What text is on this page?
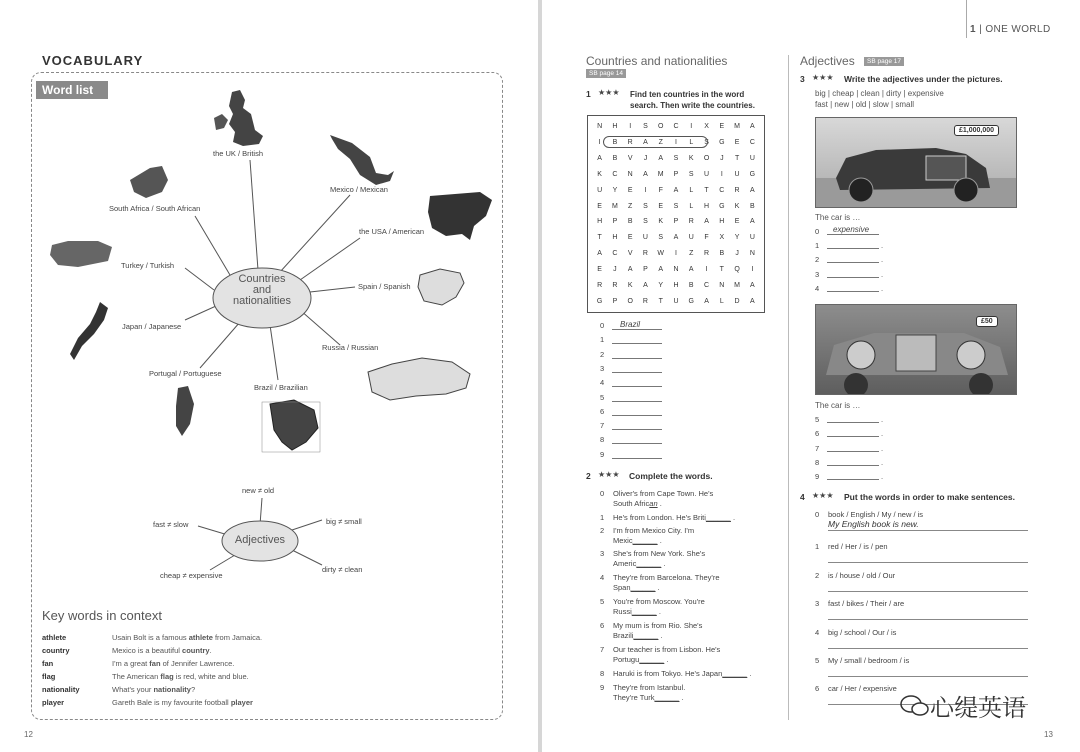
VOCABULARY
Word list
Countries
and
nationalities
the UK / British
Mexico / Mexican
the USA / American
Spain / Spanish
Russia / Russian
Brazil / Brazilian
Portugal / Portuguese
Japan / Japanese
Turkey / Turkish
South Africa / South African
Adjectives
new ≠ old
big ≠ small
dirty ≠ clean
cheap ≠ expensive
fast ≠ slow
Key words in context
athlete	Usain Bolt is a famous athlete from Jamaica.
country	Mexico is a beautiful country.
fan	I'm a great fan of Jennifer Lawrence.
flag	The American flag is red, white and blue.
nationality	What's your nationality?
player	Gareth Bale is my favourite football player
12
1 | ONE WORLD
Countries and nationalities
SB page 14
1 ★★★	Find ten countries in the word search. Then write the countries.
N	H	I	S	O	C	I	X	E	M	A
I	B	R	A	Z	I	L	S	G	E	C
A	B	V	J	A	S	K	O	J	T	U
K	C	N	A	M	P	S	U	I	U	G
U	Y	E	I	F	A	L	T	C	R	A
E	M	Z	S	E	S	L	H	G	K	B
H	P	B	S	K	P	R	A	H	E	A
T	H	E	U	S	A	U	F	X	Y	U
A	C	V	R	W	I	Z	R	B	J	N
E	J	A	P	A	N	A	I	T	Q	I
R	R	K	A	Y	H	B	C	N	M	A
G	P	O	R	T	U	G	A	L	D	A
0	Brazil
1
2
3
4
5
6
7
8
9
2 ★★★ Complete the words.
0 Oliver's from Cape Town. He's
South African .
1 He's from London. He's Briti______ .
2 I'm from Mexico City. I'm
Mexic______ .
3 She's from New York. She's
Americ______ .
4 They're from Barcelona. They're
Span______ .
5 You're from Moscow. You're
Russi______ .
6 My mum is from Rio. She's
Brazili______ .
7 Our teacher is from Lisbon. He's
Portugu______ .
8 Haruki is from Tokyo. He's Japan______ .
9 They're from Istanbul.
They're Turk______ .
Adjectives	SB page 17
3 ★★★ Write the adjectives under the pictures.
big | cheap | clean | dirty | expensive
fast | new | old | slow | small
£1,000,000
The car is …
0	expensive
1	.
2	.
3	.
4	.
£50
The car is …
5	.
6	.
7	.
8	.
9	.
4 ★★★ Put the words in order to make sentences.
0 book / English / My / new / is
My English book is new.
1 red / Her / is / pen
2 is / house / old / Our
3 fast / bikes / Their / are
4 big / school / Our / is
5 My / small / bedroom / is
6 car / Her / expensive
心缇英语
13
